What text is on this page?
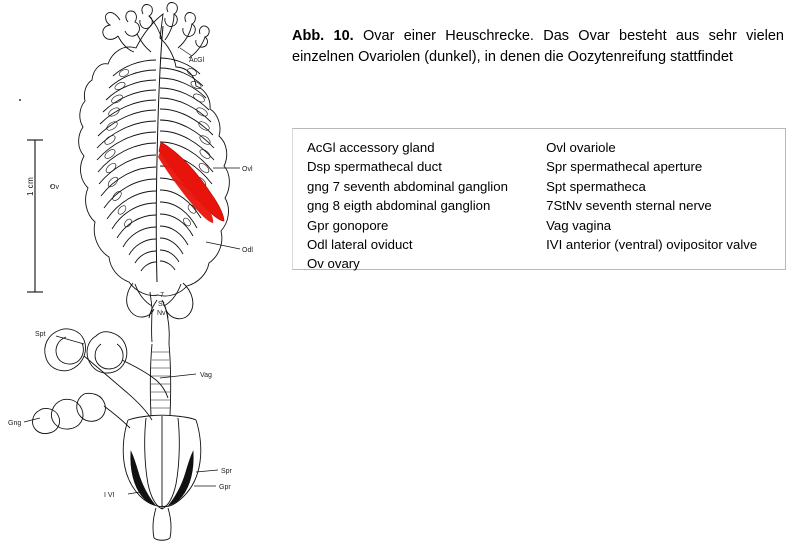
AcGl
Ovl
Odl
Ov
7
St
Nv
Spt
Vag
Gng
Spr
Gpr
I VI
1 cm
Abb. 10. Ovar einer Heuschrecke. Das Ovar besteht aus sehr vielen einzelnen Ovariolen (dunkel), in denen die Oozytenreifung stattfindet
AcGl accessory gland
Dsp spermathecal duct
gng 7 seventh abdominal ganglion
gng 8 eigth abdominal ganglion
Gpr gonopore
Odl lateral oviduct
Ov ovary
Ovl ovariole
Spr spermathecal aperture
Spt spermatheca
7StNv seventh sternal nerve
Vag vagina
IVI anterior (ventral) ovipositor valve
